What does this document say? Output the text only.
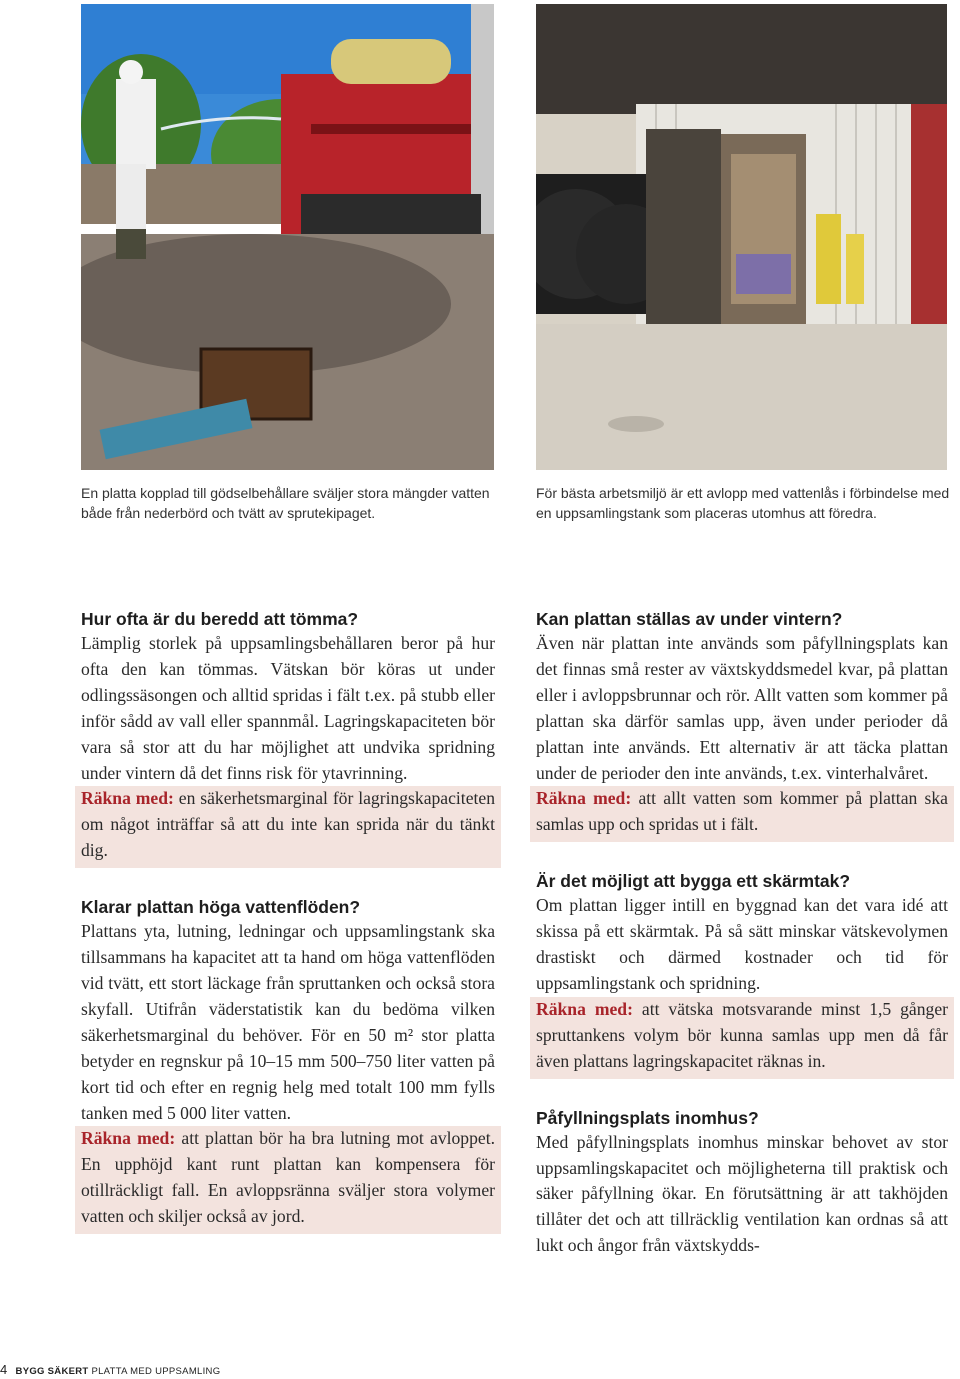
En platta kopplad till gödselbehållare sväljer stora mängder vatten både från nederbörd och tvätt av sprutekipaget.
För bästa arbetsmiljö är ett avlopp med vattenlås i förbindelse med en uppsamlingstank som placeras utomhus att föredra.
Hur ofta är du beredd att tömma?

Lämplig storlek på uppsamlingsbehållaren beror på hur ofta den kan tömmas. Vätskan bör köras ut under odlingssäsongen och alltid spridas i fält t.ex. på stubb eller inför sådd av vall eller spannmål. Lagringskapaciteten bör vara så stor att du har möjlighet att undvika spridning under vintern då det finns risk för ytavrinning.

Räkna med: en säkerhetsmarginal för lagringskapaciteten om något inträffar så att du inte kan sprida när du tänkt dig.
Klarar plattan höga vattenflöden?

Plattans yta, lutning, ledningar och uppsamlingstank ska tillsammans ha kapacitet att ta hand om höga vattenflöden vid tvätt, ett stort läckage från spruttanken och också stora skyfall. Utifrån väderstatistik kan du bedöma vilken säkerhetsmarginal du behöver. För en 50 m² stor platta betyder en regnskur på 10–15 mm 500–750 liter vatten på kort tid och efter en regnig helg med totalt 100 mm fylls tanken med 5 000 liter vatten.

Räkna med: att plattan bör ha bra lutning mot avloppet. En upphöjd kant runt plattan kan kompensera för otillräckligt fall. En avloppsränna sväljer stora volymer vatten och skiljer också av jord.
Kan plattan ställas av under vintern?

Även när plattan inte används som påfyllningsplats kan det finnas små rester av växtskyddsmedel kvar, på plattan eller i avloppsbrunnar och rör. Allt vatten som kommer på plattan ska därför samlas upp, även under perioder då plattan inte används. Ett alternativ är att täcka plattan under de perioder den inte används, t.ex. vinterhalvåret.

Räkna med: att allt vatten som kommer på plattan ska samlas upp och spridas ut i fält.
Är det möjligt att bygga ett skärmtak?

Om plattan ligger intill en byggnad kan det vara idé att skissa på ett skärmtak. På så sätt minskar vätskevolymen drastiskt och därmed kostnader och tid för uppsamlingstank och spridning.

Räkna med: att vätska motsvarande minst 1,5 gånger spruttankens volym bör kunna samlas upp men då får även plattans lagringskapacitet räknas in.
Påfyllningsplats inomhus?

Med påfyllningsplats inomhus minskar behovet av stor uppsamlingskapacitet och möjligheterna till praktisk och säker påfyllning ökar. En förutsättning är att takhöjden tillåter det och att tillräcklig ventilation kan ordnas så att lukt och ångor från växtskydds-

4 BYGG SÄKERT PLATTA MED UPPSAMLING
